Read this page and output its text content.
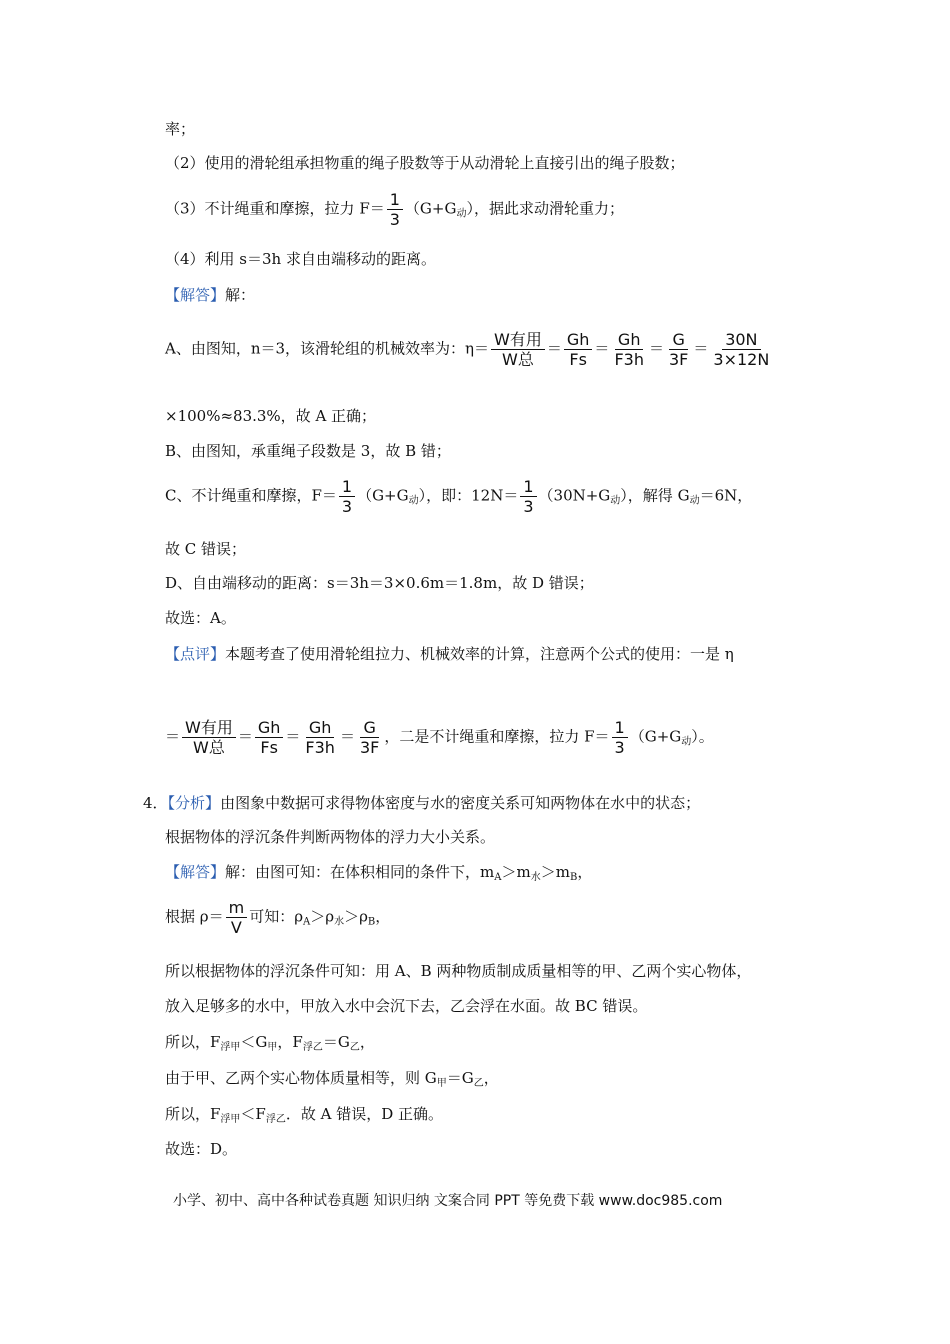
率；
（2）使用的滑轮组承担物重的绳子股数等于从动滑轮上直接引出的绳子股数；
（3）不计绳重和摩擦，拉力 $F= \frac{1}{3} (G+G_动)$，据此求动滑轮重力；
（4）利用 s＝3h 求自由端移动的距离。
【解答】解：
A、由图知，n＝3，该滑轮组的机械效率为：$\eta= \frac{\text{W有用}}{\text{W总}} = \frac{Gh}{Fs} = \frac{Gh}{F3h} = \frac{G}{3F} = \frac{30N}{3\times 12N}$
×100%≈83.3%，故 A 正确；
B、由图知，承重绳子段数是 3，故 B 错；
C、不计绳重和摩擦，$F= \frac{1}{3} (G+G_动)$，即：$12N= \frac{1}{3} (30N+G_动)$，解得 $G_动=6N$，
故 C 错误；
D、自由端移动的距离：s＝3h＝3×0.6m＝1.8m，故 D 错误；
故选：A。
【点评】本题考查了使用滑轮组拉力、机械效率的计算，注意两个公式的使用：一是 η
＝ $\frac{\text{W有用}}{\text{W总}} = \frac{Gh}{Fs} = \frac{Gh}{F3h} = \frac{G}{3F}$ ，二是不计绳重和摩擦，拉力 $F= \frac{1}{3} (G+G_动)$。
4．【分析】由图象中数据可求得物体密度与水的密度关系可知两物体在水中的状态；
根据物体的浮沉条件判断两物体的浮力大小关系。
【解答】解：由图可知：在体积相同的条件下，$m_A>m_水>m_B$，
根据 $\rho= \frac{m}{V}$ 可知：$\rho_A>\rho_水>\rho_B$，
所以根据物体的浮沉条件可知：用 A、B 两种物质制成质量相等的甲、乙两个实心物体，
放入足够多的水中，甲放入水中会沉下去，乙会浮在水面。故 BC 错误。
所以，$F_{浮甲}<G_甲$，$F_{浮乙}=G_乙$，
由于甲、乙两个实心物体质量相等，则 $G_甲=G_乙$，
所以，$F_{浮甲}<F_{浮乙}$．故 A 错误，D 正确。
故选：D。
小学、初中、高中各种试卷真题 知识归纳 文案合同 PPT 等免费下载 www.doc985.com
